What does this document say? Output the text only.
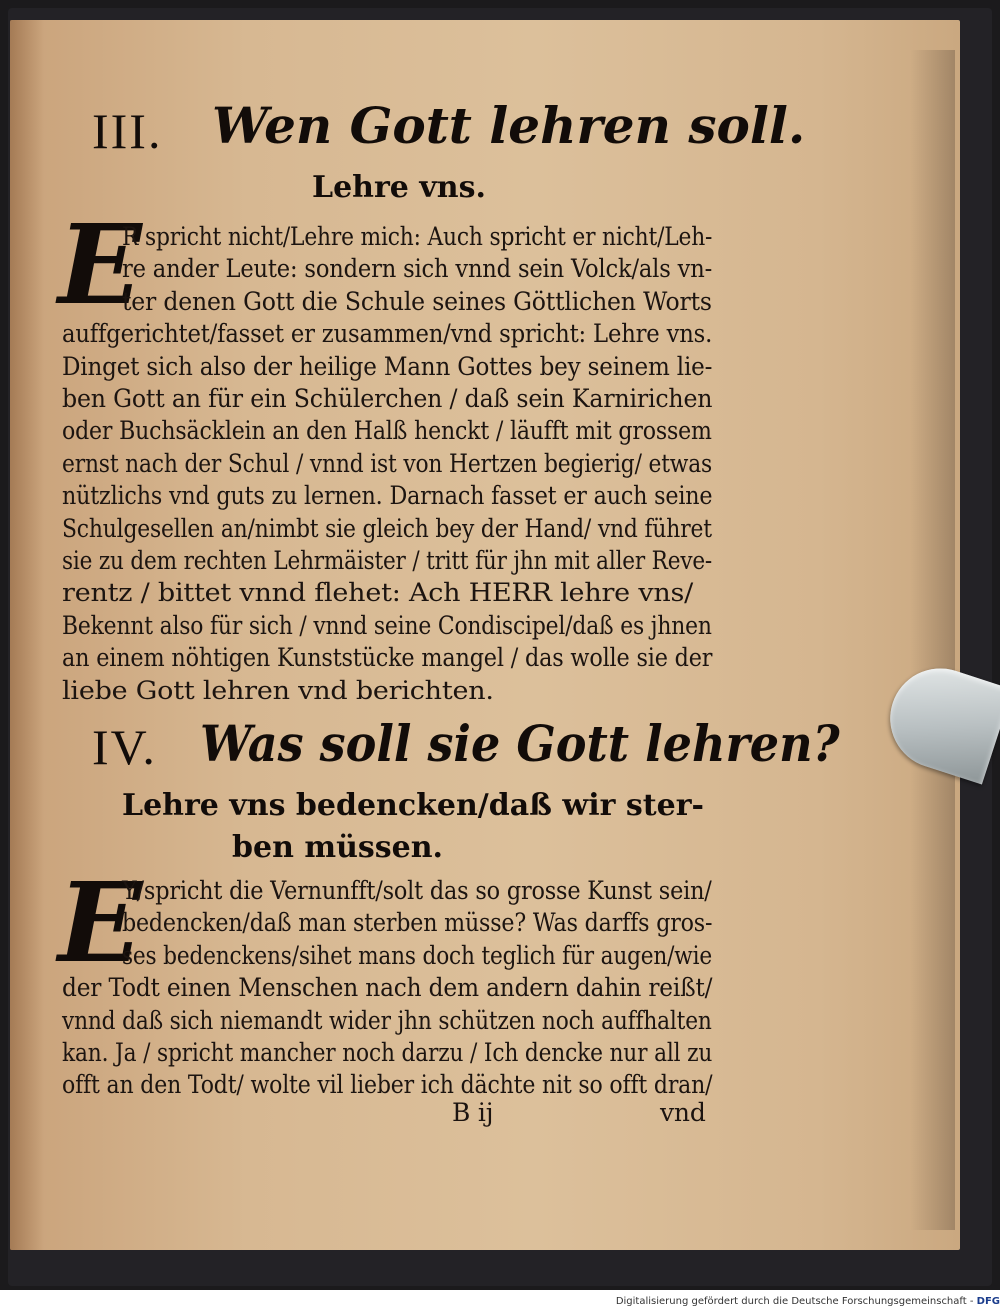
III. Wen Gott lehren soll.
Lehre vns.
E
R spricht nicht/Lehre mich: Auch spricht er nicht/Leh-
re ander Leute: sondern sich vnnd sein Volck/als vn-
ter denen Gott die Schule seines Göttlichen Worts
auffgerichtet/fasset er zusammen/vnd spricht: Lehre vns.
Dinget sich also der heilige Mann Gottes bey seinem lie-
ben Gott an für ein Schülerchen / daß sein Karnirichen
oder Buchsäcklein an den Halß henckt / läufft mit grossem
ernst nach der Schul / vnnd ist von Hertzen begierig/ etwas
nützlichs vnd guts zu lernen. Darnach fasset er auch seine
Schulgesellen an/nimbt sie gleich bey der Hand/ vnd führet
sie zu dem rechten Lehrmäister / tritt für jhn mit aller Reve-
rentz / bittet vnnd flehet: Ach HERR lehre vns/
Bekennt also für sich / vnnd seine Condiscipel/daß es jhnen
an einem nöhtigen Kunststücke mangel / das wolle sie der
liebe Gott lehren vnd berichten.
IV. Was soll sie Gott lehren?
Lehre vns bedencken/daß wir ster-
ben müssen.
E
Y/spricht die Vernunfft/solt das so grosse Kunst sein/
bedencken/daß man sterben müsse? Was darffs gros-
ses bedenckens/sihet mans doch teglich für augen/wie
der Todt einen Menschen nach dem andern dahin reißt/
vnnd daß sich niemandt wider jhn schützen noch auffhalten
kan. Ja / spricht mancher noch darzu / Ich dencke nur all zu
offt an den Todt/ wolte vil lieber ich dächte nit so offt dran/
B ij	vnd
Digitalisierung gefördert durch die Deutsche Forschungsgemeinschaft - DFG
